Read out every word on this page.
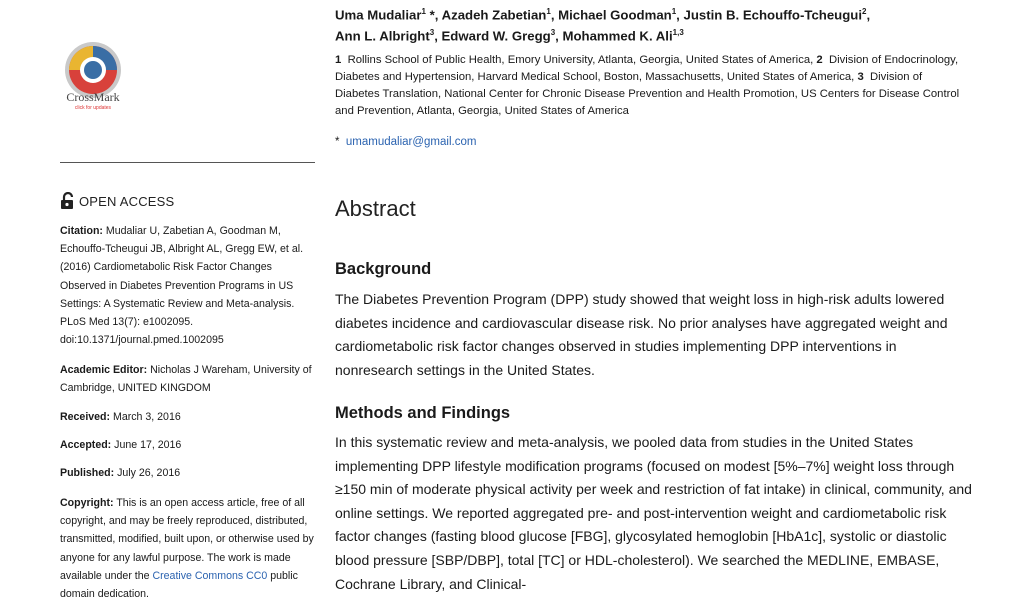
CrossMark
click for updates
OPEN ACCESS
Citation: Mudaliar U, Zabetian A, Goodman M, Echouffo-Tcheugui JB, Albright AL, Gregg EW, et al. (2016) Cardiometabolic Risk Factor Changes Observed in Diabetes Prevention Programs in US Settings: A Systematic Review and Meta-analysis. PLoS Med 13(7): e1002095. doi:10.1371/journal.pmed.1002095
Academic Editor: Nicholas J Wareham, University of Cambridge, UNITED KINGDOM
Received: March 3, 2016
Accepted: June 17, 2016
Published: July 26, 2016
Copyright: This is an open access article, free of all copyright, and may be freely reproduced, distributed, transmitted, modified, built upon, or otherwise used by anyone for any lawful purpose. The work is made available under the Creative Commons CC0 public domain dedication.
Uma Mudaliar$^1$ *, Azadeh Zabetian$^1$, Michael Goodman$^1$, Justin B. Echouffo-Tcheugui$^2$,
Ann L. Albright$^3$, Edward W. Gregg$^3$, Mohammed K. Ali$^{1,3}$
1 Rollins School of Public Health, Emory University, Atlanta, Georgia, United States of America, 2 Division of Endocrinology, Diabetes and Hypertension, Harvard Medical School, Boston, Massachusetts, United States of America, 3 Division of Diabetes Translation, National Center for Chronic Disease Prevention and Health Promotion, US Centers for Disease Control and Prevention, Atlanta, Georgia, United States of America
* umamudaliar@gmail.com
Abstract
Background
The Diabetes Prevention Program (DPP) study showed that weight loss in high-risk adults lowered diabetes incidence and cardiovascular disease risk. No prior analyses have aggregated weight and cardiometabolic risk factor changes observed in studies implementing DPP interventions in nonresearch settings in the United States.
Methods and Findings
In this systematic review and meta-analysis, we pooled data from studies in the United States implementing DPP lifestyle modification programs (focused on modest [5%–7%] weight loss through ≥150 min of moderate physical activity per week and restriction of fat intake) in clinical, community, and online settings. We reported aggregated pre- and post-intervention weight and cardiometabolic risk factor changes (fasting blood glucose [FBG], glycosylated hemoglobin [HbA1c], systolic or diastolic blood pressure [SBP/DBP], total [TC] or HDL-cholesterol). We searched the MEDLINE, EMBASE, Cochrane Library, and Clinical-
